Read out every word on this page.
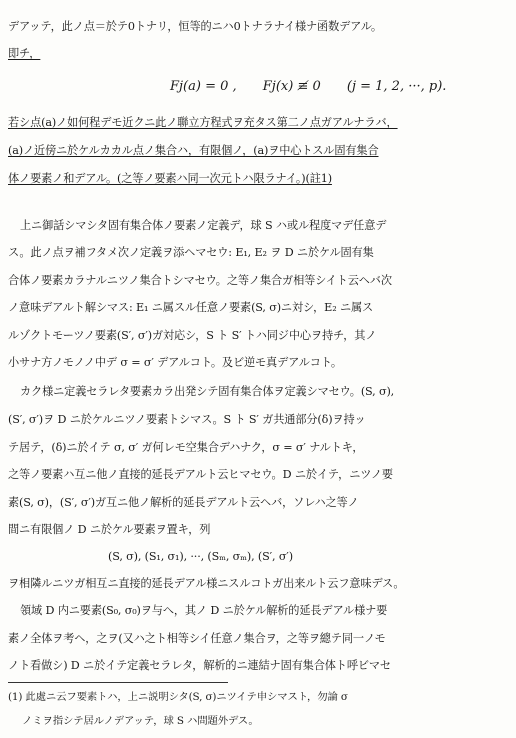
デアッテ，此ノ点＝於テ0トナリ，恒等的ニハ0トナラナイ様ナ函数デアル。
即チ，
Fj(a) = 0 , Fj(x) ≢ 0 (j = 1, 2, ···, p).
若シ点(a)ノ如何程デモ近クニ此ノ聯立方程式ヲ充タス第二ノ点ガアルナラバ，
(a)ノ近傍ニ於ケルカカル点ノ集合ハ，有限個ノ，(a)ヲ中心トスル固有集合
体ノ要素ノ和デアル。(之等ノ要素ハ同一次元トハ限ラナイ。)(註1)
上ニ御話シマシタ固有集合体ノ要素ノ定義デ，球 S ハ或ル程度マデ任意デ
ス。此ノ点ヲ補フタメ次ノ定義ヲ添ヘマセウ: E₁, E₂ ヲ D ニ於ケル固有集
合体ノ要素カラナルニツノ集合トシマセウ。之等ノ集合ガ相等シイト云ヘバ次
ノ意味デアルト解シマス: E₁ ニ属スル任意ノ要素(S, σ)ニ対シ，E₂ ニ属ス
ルゾクトモーツノ要素(S′, σ′)ガ対応シ，S ト S′ トハ同ジ中心ヲ持チ，其ノ
小サナ方ノモノノ中デ σ = σ′ デアルコト。及ビ逆モ真デアルコト。
カク様ニ定義セラレタ要素カラ出発シテ固有集合体ヲ定義シマセウ。(S, σ),
(S′, σ′)ヲ D ニ於ケルニツノ要素トシマス。S ト S′ ガ共通部分(δ)ヲ持ッ
テ居テ，(δ)ニ於イテ σ, σ′ ガ何レモ空集合デハナク，σ = σ′ ナルトキ，
之等ノ要素ハ互ニ他ノ直接的延長デアルト云ヒマセウ。D ニ於イテ，ニツノ要
素(S, σ)，(S′, σ′)ガ互ニ他ノ解析的延長デアルト云ヘバ，ソレハ之等ノ
間ニ有限個ノ D ニ於ケル要素ヲ置キ，列
(S, σ), (S₁, σ₁), ···, (Sₘ, σₘ), (S′, σ′)
ヲ相隣ルニツガ相互ニ直接的延長デアル様ニスルコトガ出来ルト云フ意味デス。
領域 D 内ニ要素(S₀, σ₀)ヲ与へ，其ノ D ニ於ケル解析的延長デアル様ナ要
素ノ全体ヲ考ヘ，之ヲ(又ハ之ト相等シイ任意ノ集合ヲ，之等ヲ總テ同一ノモ
ノト看做シ) D ニ於イテ定義セラレタ，解析的ニ連結ナ固有集合体ト呼ビマセ
(1) 此處ニ云フ要素トハ，上ニ説明シタ(S, σ)ニツイテ申シマスト，勿論 σ
ノミヲ指シテ居ルノデアッテ，球 S ハ問題外デス。
